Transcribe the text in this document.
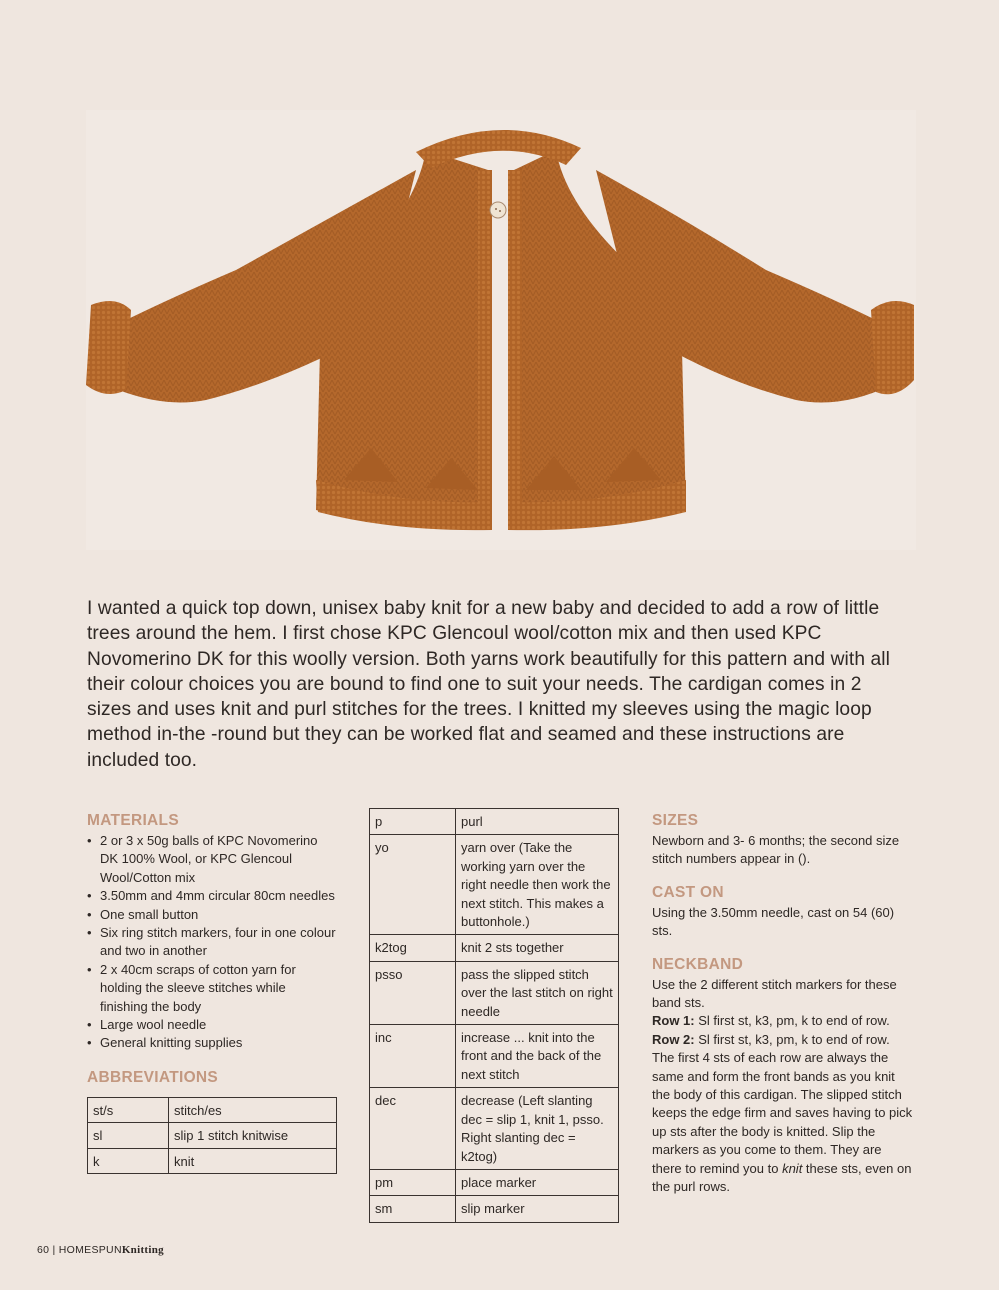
I wanted a quick top down, unisex baby knit for a new baby and decided to add a row of little trees around the hem. I first chose KPC Glencoul wool/cotton mix and then used KPC Novomerino DK for this woolly version. Both yarns work beautifully for this pattern and with all their colour choices you are bound to find one to suit your needs. The cardigan comes in 2 sizes and uses knit and purl stitches for the trees. I knitted my sleeves using the magic loop method in-the -round but they can be worked flat and seamed and these instructions are included too.

MATERIALS
• 2 or 3 x 50g balls of KPC Novomerino DK 100% Wool, or KPC Glencoul Wool/Cotton mix
• 3.50mm and 4mm circular 80cm needles
• One small button
• Six ring stitch markers, four in one colour and two in another
• 2 x 40cm scraps of cotton yarn for holding the sleeve stitches while finishing the body
• Large wool needle
• General knitting supplies
ABBREVIATIONS
st/s	stitch/es
sl	slip 1 stitch knitwise
k	knit
p	purl
yo	yarn over (Take the working yarn over the right needle then work the next stitch. This makes a buttonhole.)
k2tog	knit 2 sts together
psso	pass the slipped stitch over the last stitch on right needle
inc	increase ... knit into the front and the back of the next stitch
dec	decrease (Left slanting dec = slip 1, knit 1, psso. Right slanting dec = k2tog)
pm	place marker
sm	slip marker
SIZES

Newborn and 3- 6 months; the second size stitch numbers appear in ().

CAST ON

Using the 3.50mm needle, cast on 54 (60) sts.

NECKBAND

Use the 2 different stitch markers for these band sts.

Row 1: Sl first st, k3, pm, k to end of row.

Row 2: Sl first st, k3, pm, k to end of row. The first 4 sts of each row are always the same and form the front bands as you knit the body of this cardigan. The slipped stitch keeps the edge firm and saves having to pick up sts after the body is knitted. Slip the markers as you come to them. They are there to remind you to knit these sts, even on the purl rows.

60 | HOMESPUNKnitting
